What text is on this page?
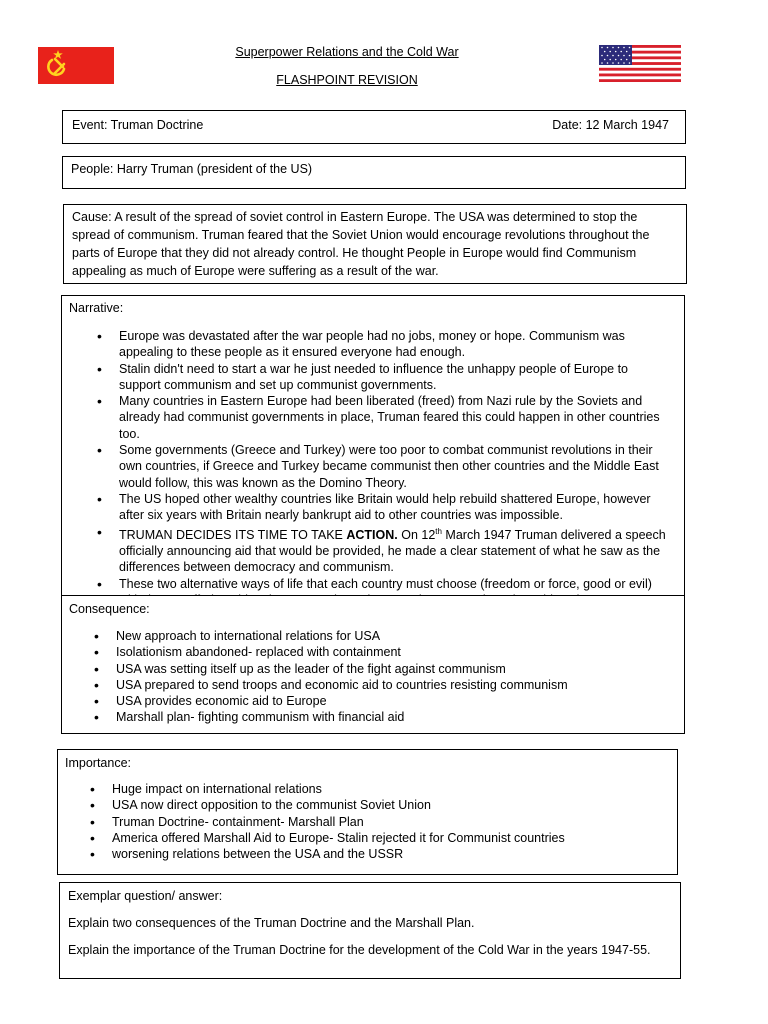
Superpower Relations and the Cold War
FLASHPOINT REVISION
Event: Truman Doctrine	Date: 12 March 1947
People: Harry Truman (president of the US)

Cause: A result of the spread of soviet control in Eastern Europe. The USA was determined to stop the spread of communism. Truman feared that the Soviet Union would encourage revolutions throughout the parts of Europe that they did not already control. He thought People in Europe would find Communism appealing as much of Europe were suffering as a result of the war.

Narrative:

• Europe was devastated after the war people had no jobs, money or hope. Communism was appealing to these people as it ensured everyone had enough.
• Stalin didn't need to start a war he just needed to influence the unhappy people of Europe to support communism and set up communist governments.
• Many countries in Eastern Europe had been liberated (freed) from Nazi rule by the Soviets and already had communist governments in place, Truman feared this could happen in other countries too.
• Some governments (Greece and Turkey) were too poor to combat communist revolutions in their own countries, if Greece and Turkey became communist then other countries and the Middle East would follow, this was known as the Domino Theory.
• The US hoped other wealthy countries like Britain would help rebuild shattered Europe, however after six years with Britain nearly bankrupt aid to other countries was impossible.
• TRUMAN DECIDES ITS TIME TO TAKE ACTION. On 12th March 1947 Truman delivered a speech officially announcing aid that would be provided, he made a clear statement of what he saw as the differences between democracy and communism.
• These two alternative ways of life that each country must choose (freedom or force, good or evil)

Consequence:

• New approach to international relations for USA
• Isolationism abandoned- replaced with containment
• USA was setting itself up as the leader of the fight against communism
• USA prepared to send troops and economic aid to countries resisting communism
• USA provides economic aid to Europe
• Marshall plan- fighting communism with financial aid

Importance:

• Huge impact on international relations
• USA now direct opposition to the communist Soviet Union
• Truman Doctrine- containment- Marshall Plan
• America offered Marshall Aid to Europe- Stalin rejected it for Communist countries
• worsening relations between the USA and the USSR

Exemplar question/ answer:

Explain two consequences of the Truman Doctrine and the Marshall Plan.

Explain the importance of the Truman Doctrine for the development of the Cold War in the years 1947-55.
